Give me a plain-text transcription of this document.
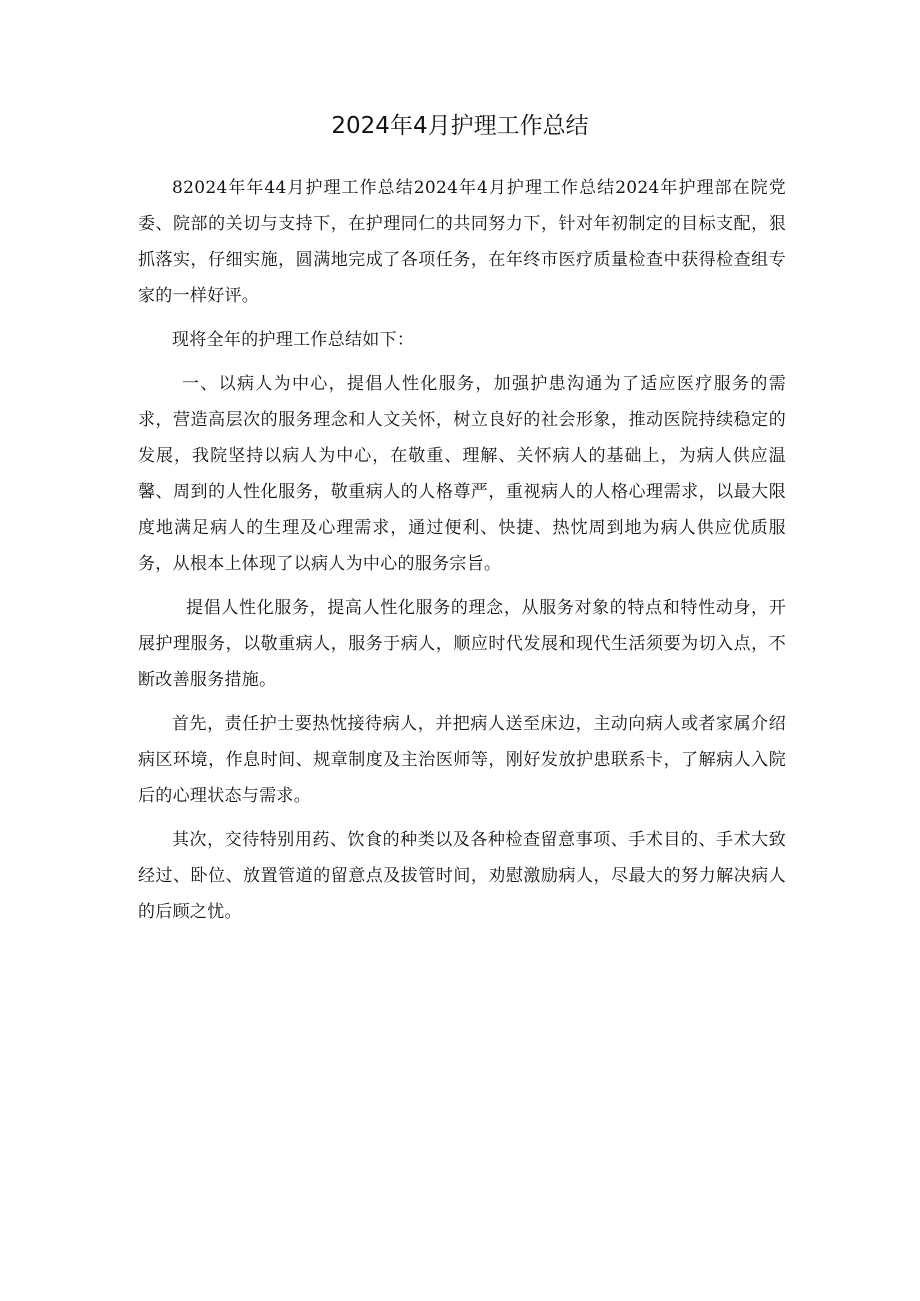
2024年4月护理工作总结

82024年年44月护理工作总结2024年4月护理工作总结2024年护理部在院党委、院部的关切与支持下，在护理同仁的共同努力下，针对年初制定的目标支配，狠抓落实，仔细实施，圆满地完成了各项任务，在年终市医疗质量检查中获得检查组专家的一样好评。

现将全年的护理工作总结如下：

一、以病人为中心，提倡人性化服务，加强护患沟通为了适应医疗服务的需求，营造高层次的服务理念和人文关怀，树立良好的社会形象，推动医院持续稳定的发展，我院坚持以病人为中心，在敬重、理解、关怀病人的基础上，为病人供应温馨、周到的人性化服务，敬重病人的人格尊严，重视病人的人格心理需求，以最大限度地满足病人的生理及心理需求，通过便利、快捷、热忱周到地为病人供应优质服务，从根本上体现了以病人为中心的服务宗旨。

提倡人性化服务，提高人性化服务的理念，从服务对象的特点和特性动身，开展护理服务，以敬重病人，服务于病人，顺应时代发展和现代生活须要为切入点，不断改善服务措施。

首先，责任护士要热忱接待病人，并把病人送至床边，主动向病人或者家属介绍病区环境，作息时间、规章制度及主治医师等，刚好发放护患联系卡，了解病人入院后的心理状态与需求。

其次，交待特别用药、饮食的种类以及各种检查留意事项、手术目的、手术大致经过、卧位、放置管道的留意点及拔管时间，劝慰激励病人，尽最大的努力解决病人的后顾之忧。
